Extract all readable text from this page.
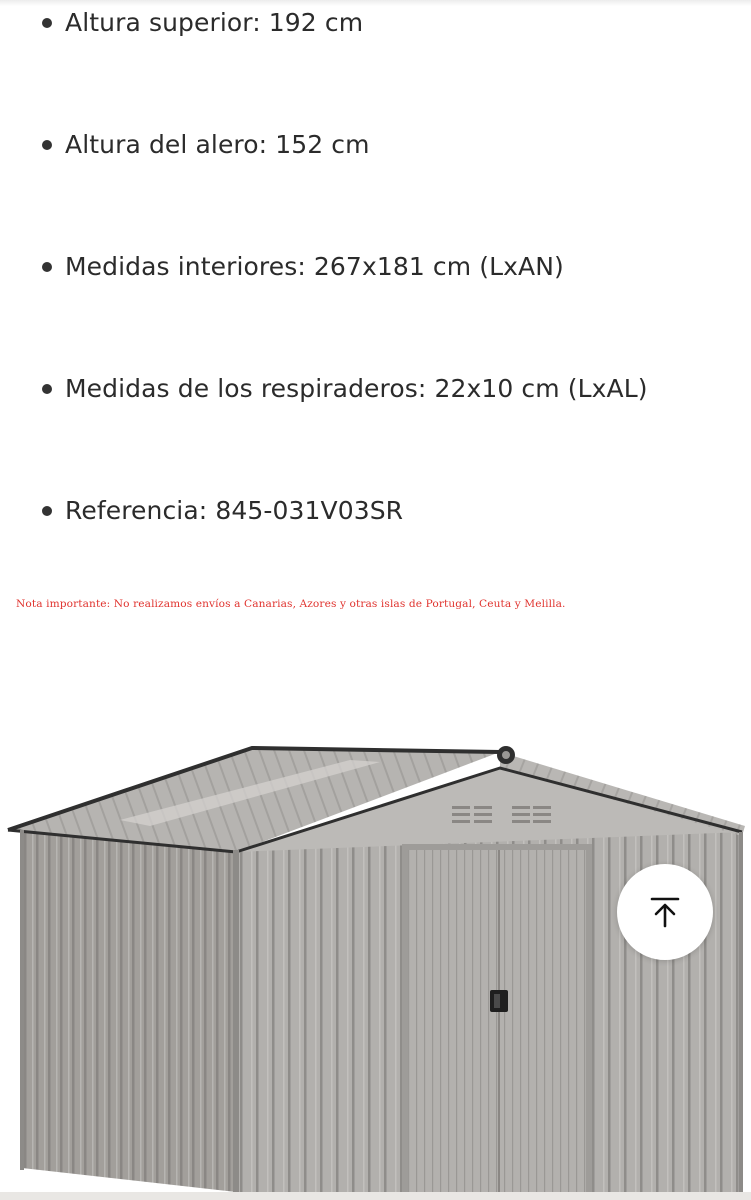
Altura superior: 192 cm
Altura del alero: 152 cm
Medidas interiores: 267x181 cm (LxAN)
Medidas de los respiraderos: 22x10 cm (LxAL)
Referencia: 845-031V03SR
Nota importante: No realizamos envíos a Canarias, Azores y otras islas de Portugal, Ceuta y Melilla.
